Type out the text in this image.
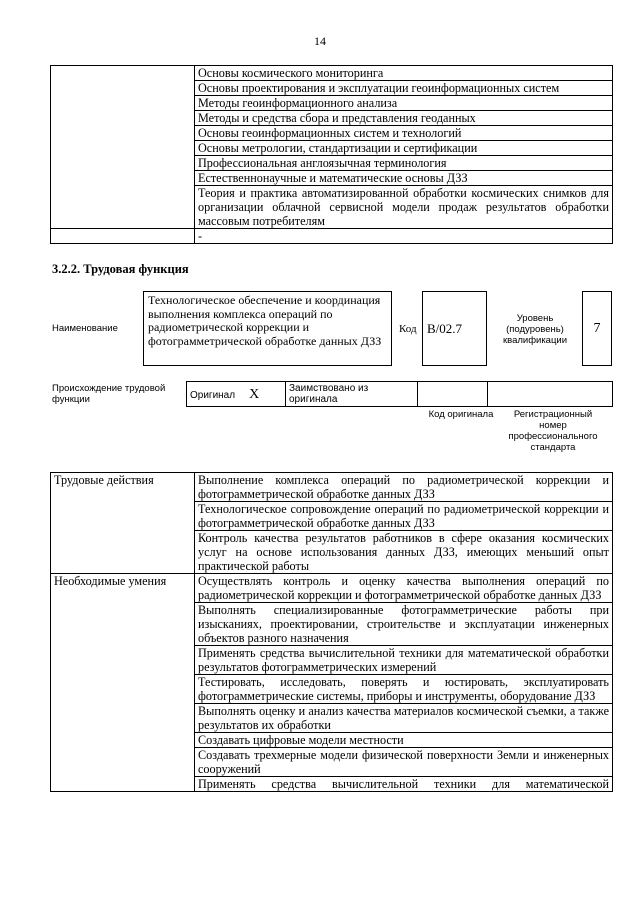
14
	Основы космического мониторинга
	Основы проектирования и эксплуатации геоинформационных систем
	Методы геоинформационного анализа
	Методы и средства сбора и представления геоданных
	Основы геоинформационных систем и технологий
	Основы метрологии, стандартизации и сертификации
	Профессиональная англоязычная терминология
	Естественнонаучные и математические основы ДЗЗ
	Теория и практика автоматизированной обработки космических снимков для организации облачной сервисной модели продаж результатов обработки массовым потребителям
	-
3.2.2. Трудовая функция
Наименование
Технологическое обеспечение и координация выполнения комплекса операций по радиометрической коррекции и фотограмметрической обработке данных ДЗЗ
Код B/02.7
Уровень (подуровень) квалификации
7
Происхождение трудовой функции	Оригинал X	Заимствовано из оригинала		
Код оригинала	Регистрационный номер профессионального стандарта
Трудовые действия	Выполнение комплекса операций по радиометрической коррекции и фотограмметрической обработке данных ДЗЗ
	Технологическое сопровождение операций по радиометрической коррекции и фотограмметрической обработке данных ДЗЗ
	Контроль качества результатов работников в сфере оказания космических услуг на основе использования данных ДЗЗ, имеющих меньший опыт практической работы
Необходимые умения	Осуществлять контроль и оценку качества выполнения операций по радиометрической коррекции и фотограмметрической обработке данных ДЗЗ
	Выполнять специализированные фотограмметрические работы при изысканиях, проектировании, строительстве и эксплуатации инженерных объектов разного назначения
	Применять средства вычислительной техники для математической обработки результатов фотограмметрических измерений
	Тестировать, исследовать, поверять и юстировать, эксплуатировать фотограмметрические системы, приборы и инструменты, оборудование ДЗЗ
	Выполнять оценку и анализ качества материалов космической съемки, а также результатов их обработки
	Создавать цифровые модели местности
	Создавать трехмерные модели физической поверхности Земли и инженерных сооружений
	Применять средства вычислительной техники для математической
